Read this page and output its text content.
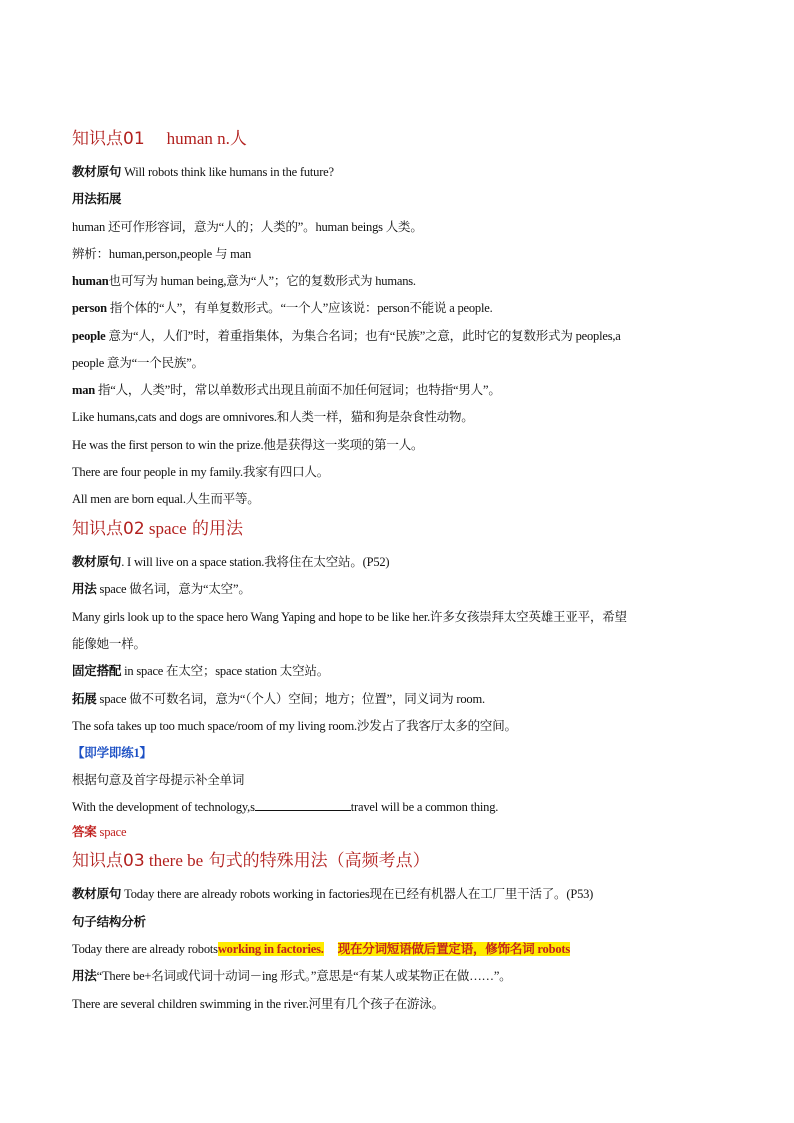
知识点01 human n.人
教材原句 Will robots think like humans in the future?
用法拓展
human 还可作形容词，意为“人的；人类的”。human beings 人类。
辨析：human,person,people 与 man
human也可写为 human being,意为“人”；它的复数形式为 humans.
person 指个体的“人”，有单复数形式。“一个人”应该说：person不能说 a people.
people 意为“人，人们”时，着重指集体，为集合名词；也有“民族”之意，此时它的复数形式为 peoples,a
people 意为“一个民族”。
man 指“人，人类”时，常以单数形式出现且前面不加任何冠词；也特指“男人”。
Like humans,cats and dogs are omnivores.和人类一样，猫和狗是杂食性动物。
He was the first person to win the prize.他是获得这一奖项的第一人。
There are four people in my family.我家有四口人。
All men are born equal.人生而平等。
知识点02 space 的用法
教材原句. I will live on a space station.我将住在太空站。(P52)
用法 space 做名词，意为“太空”。
Many girls look up to the space hero Wang Yaping and hope to be like her.许多女孩崇拜太空英雄王亚平，希望
能像她一样。
固定搭配 in space 在太空；space station 太空站。
拓展 space 做不可数名词，意为“（个人）空间；地方；位置”，同义词为 room.
The sofa takes up too much space/room of my living room.沙发占了我客厅太多的空间。
【即学即练1】
根据句意及首字母提示补全单词
With the development of technology,s	travel will be a common thing.
答案 space
知识点03 there be 句式的特殊用法（高频考点）
教材原句 Today there are already robots working in factories现在已经有机器人在工厂里干活了。(P53)
句子结构分析
Today there are already robotsworking in factories. 现在分词短语做后置定语，修饰名词 robots
用法“There be+名词或代词十动词－ing 形式。”意思是“有某人或某物正在做……”。
There are several children swimming in the river.河里有几个孩子在游泳。
